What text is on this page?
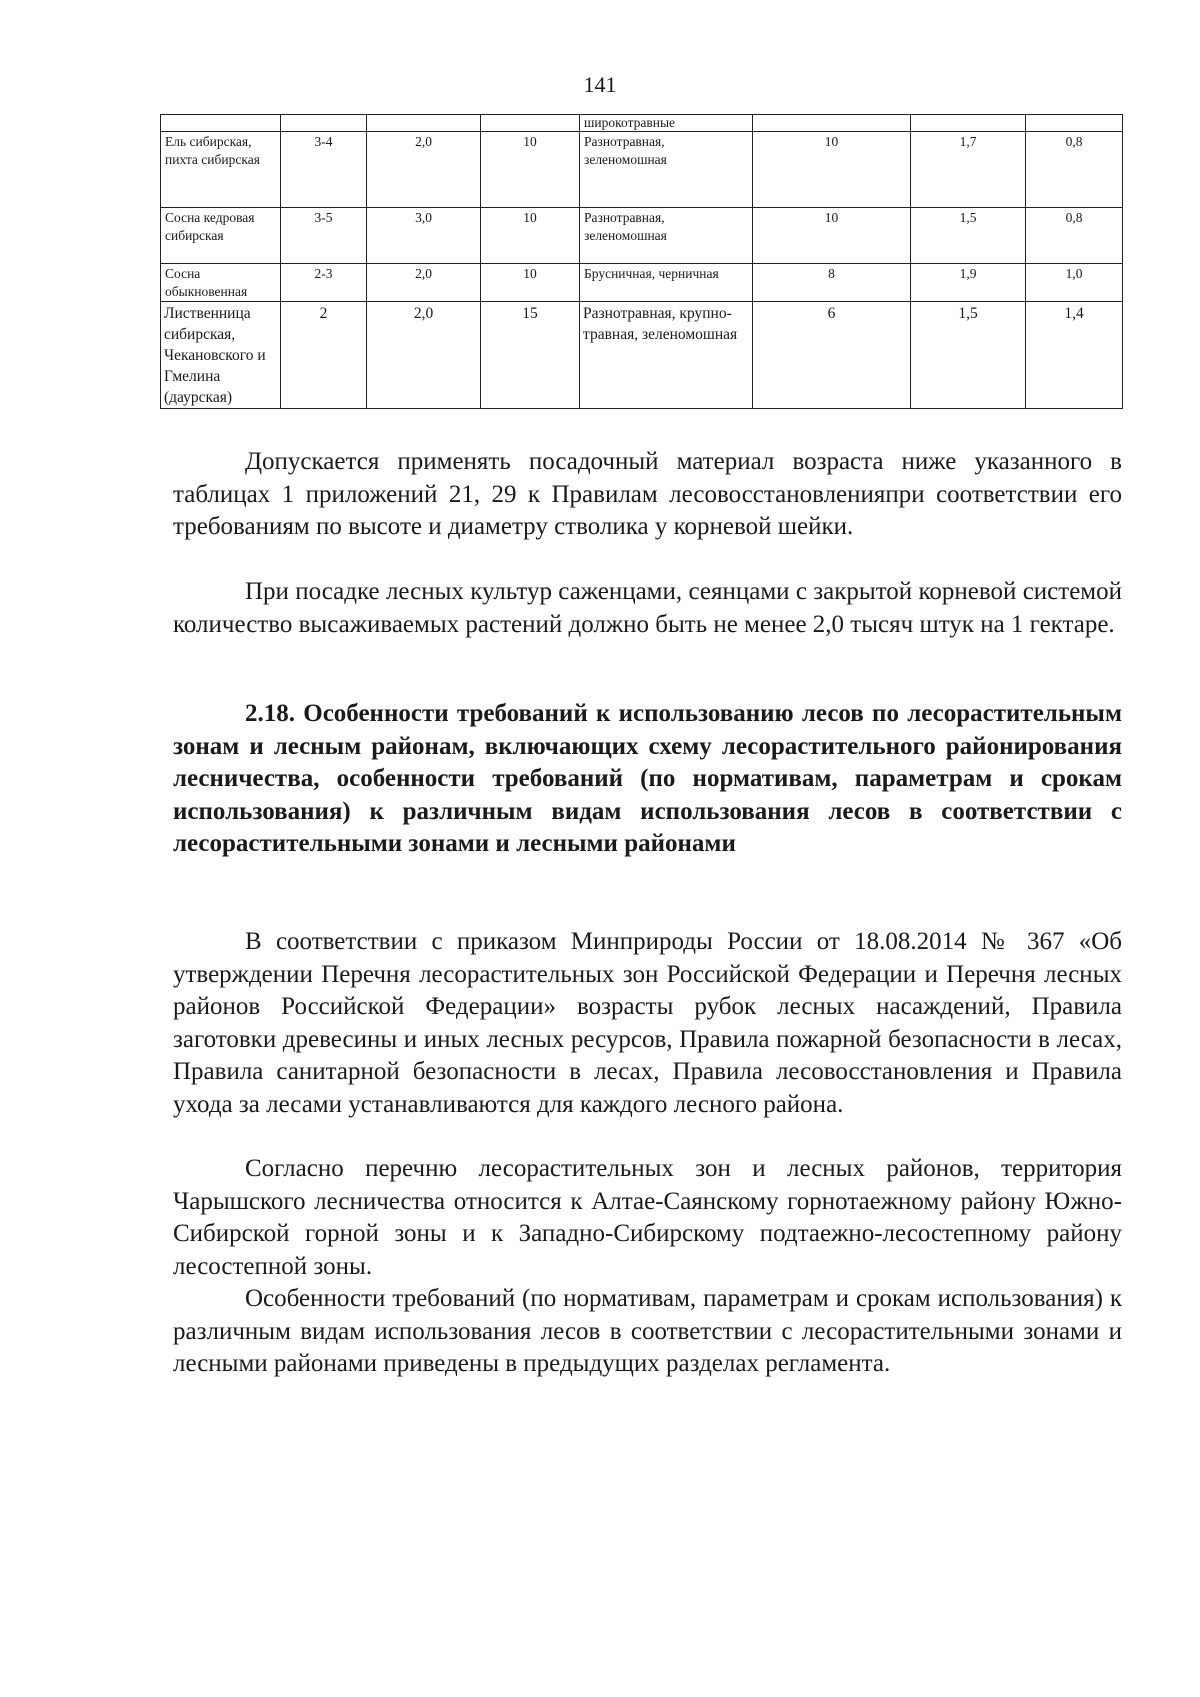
141
				широкотравные			
Ель сибирская, пихта сибирская	3-4	2,0	10	Разнотравная, зеленомошная	10	1,7	0,8
Сосна кедровая сибирская	3-5	3,0	10	Разнотравная, зеленомошная	10	1,5	0,8
Сосна обыкновенная	2-3	2,0	10	Брусничная, черничная	8	1,9	1,0
Лиственница сибирская, Чекановского и Гмелина (даурская)	2	2,0	15	Разнотравная, крупно-травная, зеленомошная	6	1,5	1,4

Допускается применять посадочный материал возраста ниже указанного в таблицах 1 приложений 21, 29 к Правилам лесовосстановленияпри соответствии его требованиям по высоте и диаметру стволика у корневой шейки.

При посадке лесных культур саженцами, сеянцами с закрытой корневой системой количество высаживаемых растений должно быть не менее 2,0 тысяч штук на 1 гектаре.

2.18. Особенности требований к использованию лесов по лесорастительным зонам и лесным районам, включающих схему лесорастительного районирования лесничества, особенности требований (по нормативам, параметрам и срокам использования) к различным видам использования лесов в соответствии с лесорастительными зонами и лесными районами

В соответствии с приказом Минприроды России от 18.08.2014 № 367 «Об утверждении Перечня лесорастительных зон Российской Федерации и Перечня лесных районов Российской Федерации» возрасты рубок лесных насаждений, Правила заготовки древесины и иных лесных ресурсов, Правила пожарной безопасности в лесах, Правила санитарной безопасности в лесах, Правила лесовосстановления и Правила ухода за лесами устанавливаются для каждого лесного района.

Согласно перечню лесорастительных зон и лесных районов, территория Чарышского лесничества относится к Алтае-Саянскому горнотаежному району Южно-Сибирской горной зоны и к Западно-Сибирскому подтаежно-лесостепному району лесостепной зоны.

Особенности требований (по нормативам, параметрам и срокам использования) к различным видам использования лесов в соответствии с лесорастительными зонами и лесными районами приведены в предыдущих разделах регламента.
